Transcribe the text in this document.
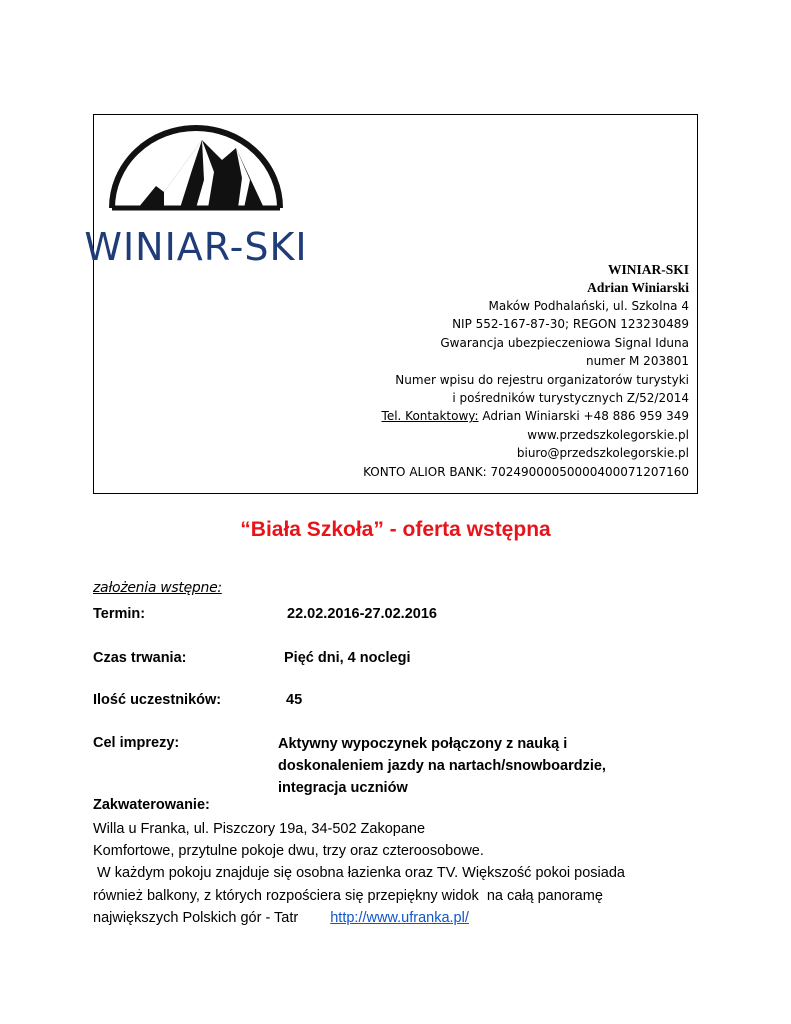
WINIAR-SKI
WINIAR-SKI
Adrian Winiarski
Maków Podhalański, ul. Szkolna 4
NIP 552-167-87-30; REGON 123230489
Gwarancja ubezpieczeniowa Signal Iduna
numer M 203801
Numer wpisu do rejestru organizatorów turystyki
i pośredników turystycznych Z/52/2014
Tel. Kontaktowy: Adrian Winiarski +48 886 959 349
www.przedszkolegorskie.pl
biuro@przedszkolegorskie.pl
KONTO ALIOR BANK: 70249000050000400071207160
“Biała Szkoła” - oferta wstępna
założenia wstępne:
Termin:	22.02.2016-27.02.2016
Czas trwania:	Pięć dni, 4 noclegi
Ilość uczestników:	45
Cel imprezy:	Aktywny wypoczynek połączony z nauką i
doskonaleniem jazdy na nartach/snowboardzie,
integracja uczniów
Zakwaterowanie:
Willa u Franka, ul. Piszczory 19a, 34-502 Zakopane
Komfortowe, przytulne pokoje dwu, trzy oraz czteroosobowe.
W każdym pokoju znajduje się osobna łazienka oraz TV. Większość pokoi posiada
również balkony, z których rozpościera się przepiękny widok  na całą panoramę
największych Polskich gór - Tatr http://www.ufranka.pl/
